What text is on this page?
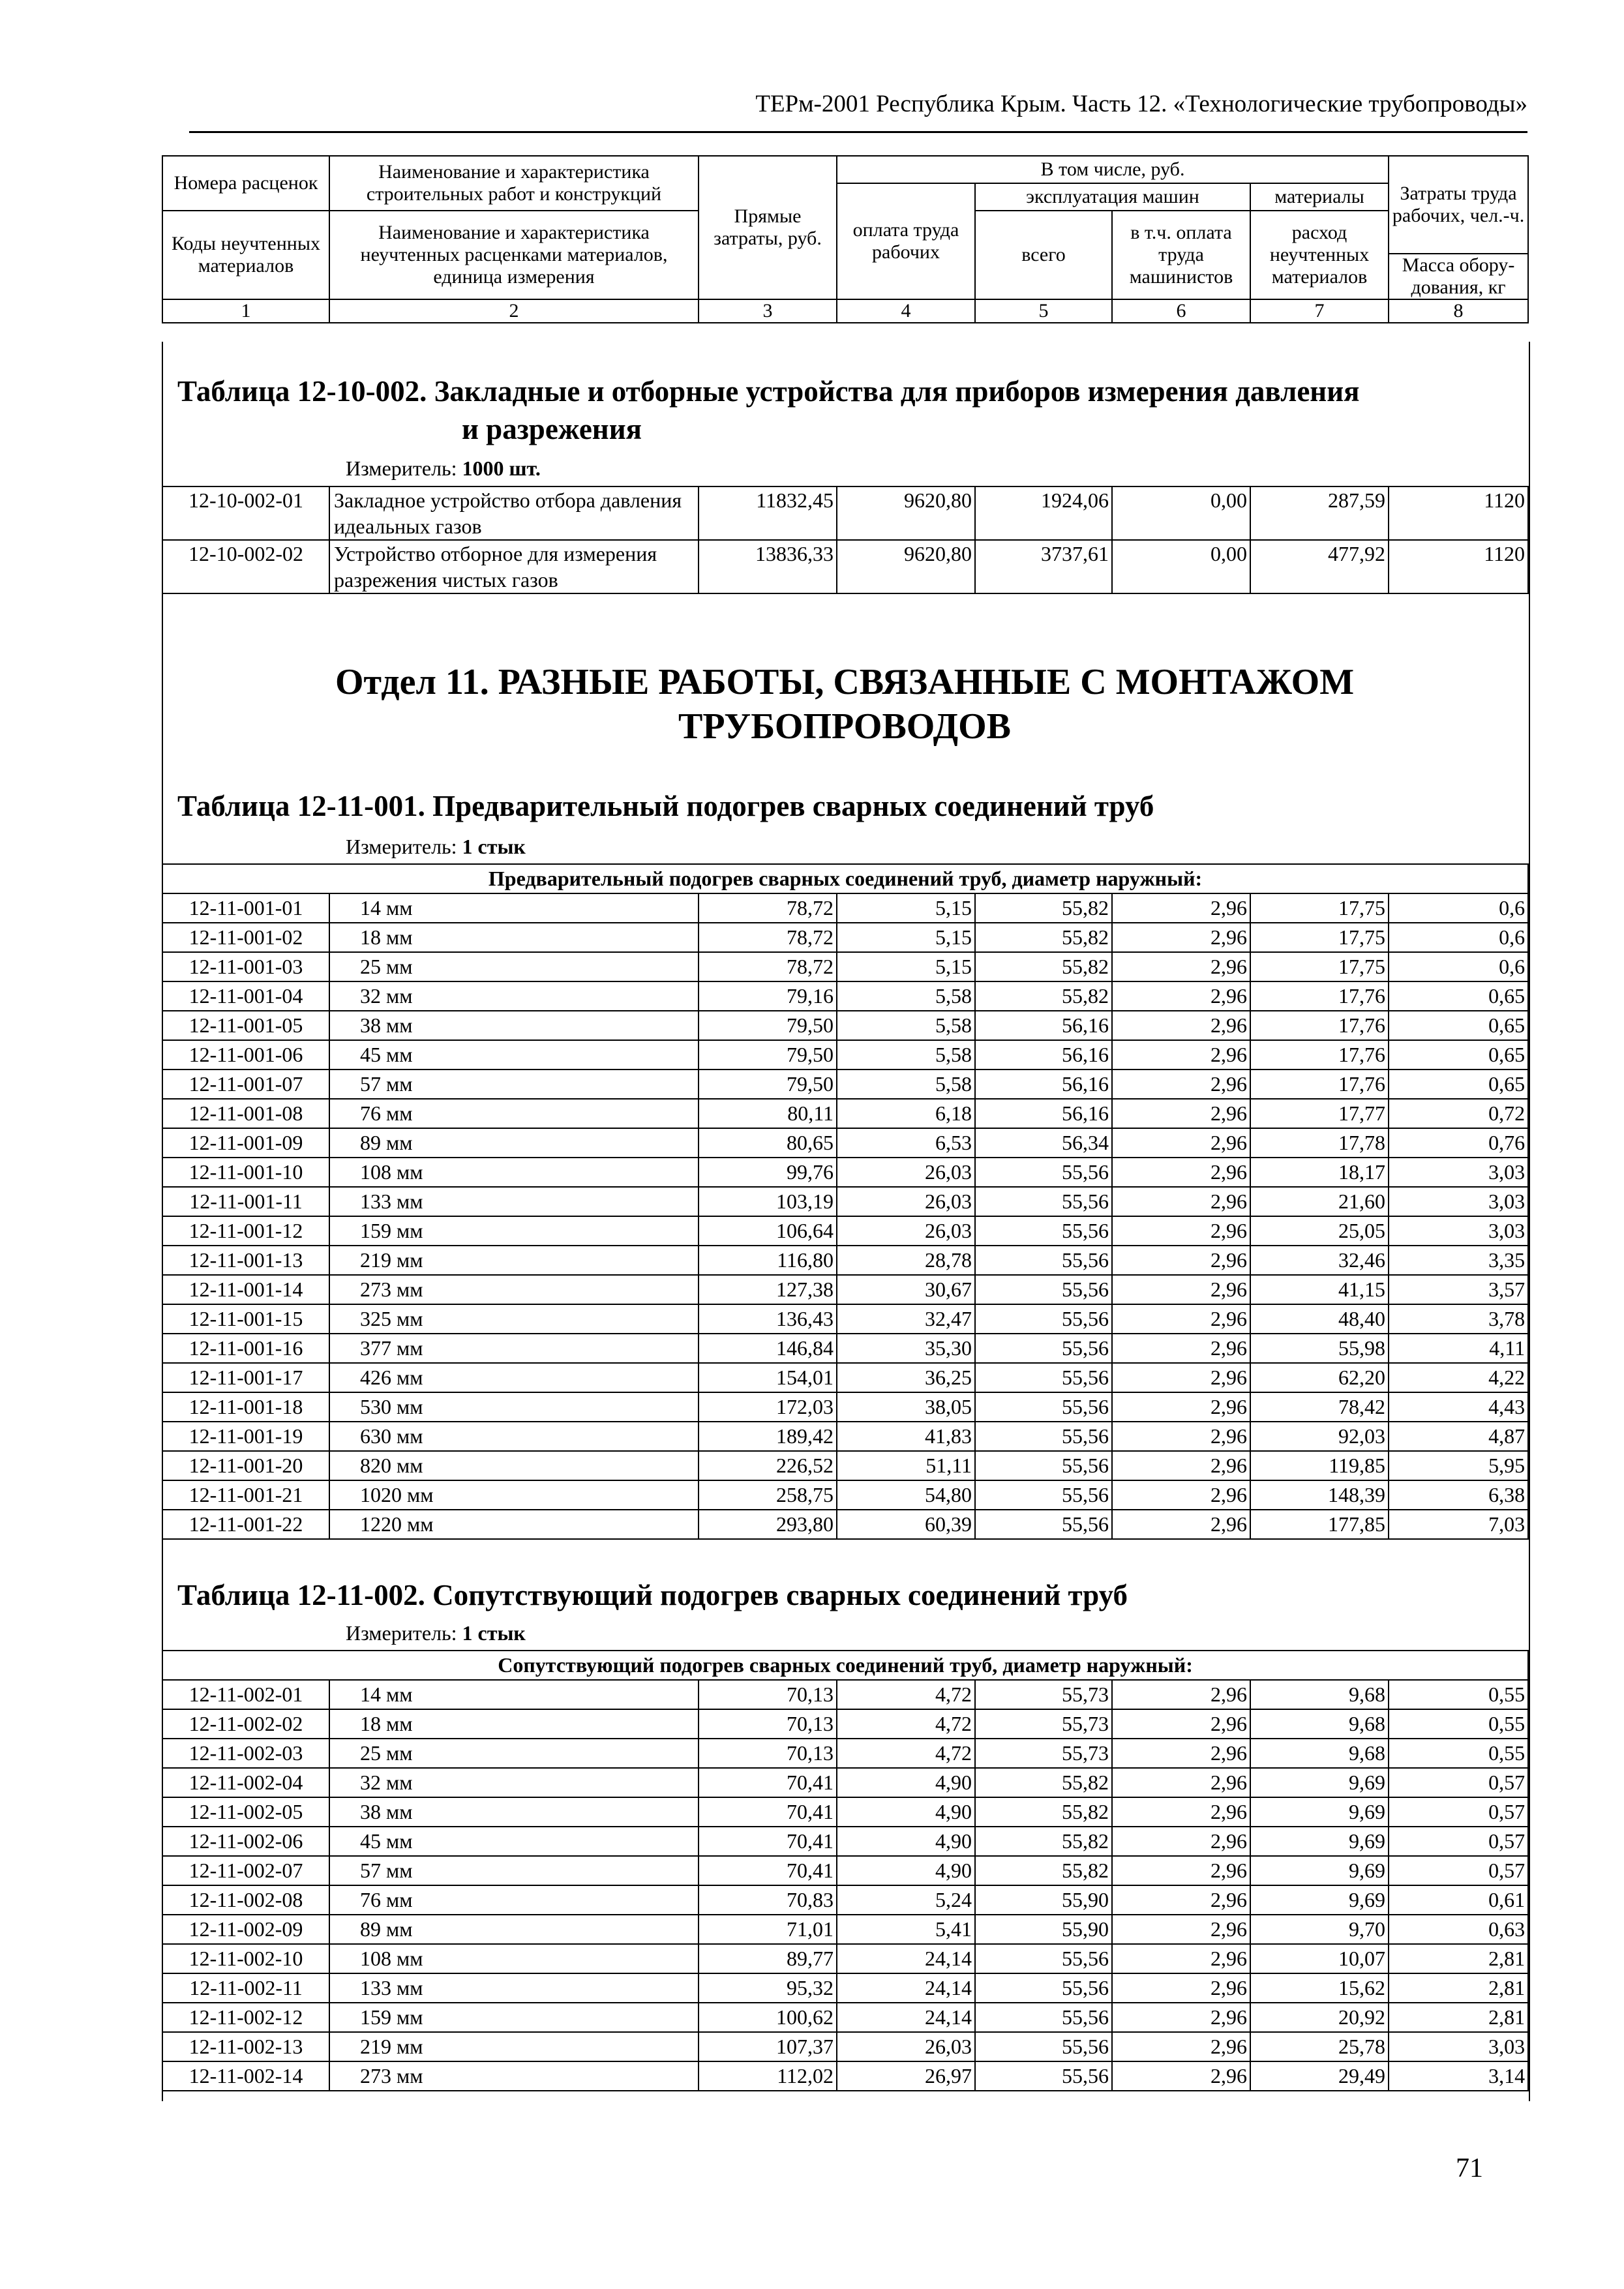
ТЕРм-2001 Республика Крым. Часть 12. «Технологические трубопроводы»
Номера расценок	Наименование и характеристика строительных работ и конструкций	Прямые затраты, руб.	В том числе, руб.				Затраты труда рабочих, чел.-ч.
			оплата труда рабочих	эксплуатация машин		материалы	
Коды неучтенных материалов	Наименование и характеристика неучтенных расценками материалов, единица измерения			всего	в т.ч. оплата труда машинистов	расход неучтенных материалов	
							Масса обору-дования, кг
1	2	3	4	5	6	7	8
Таблица 12-10-002. Закладные и отборные устройства для приборов измерения давления
и разрежения
Измеритель: 1000 шт.
12-10-002-01	Закладное устройство отбора давления идеальных газов	11832,45	9620,80	1924,06	0,00	287,59	1120
12-10-002-02	Устройство отборное для измерения разрежения чистых газов	13836,33	9620,80	3737,61	0,00	477,92	1120
Отдел 11. РАЗНЫЕ РАБОТЫ, СВЯЗАННЫЕ С МОНТАЖОМ
ТРУБОПРОВОДОВ
Таблица 12-11-001. Предварительный подогрев сварных соединений труб
Измеритель: 1 стык
Предварительный подогрев сварных соединений труб, диаметр наружный:							
12-11-001-01	14 мм	78,72	5,15	55,82	2,96	17,75	0,6
12-11-001-02	18 мм	78,72	5,15	55,82	2,96	17,75	0,6
12-11-001-03	25 мм	78,72	5,15	55,82	2,96	17,75	0,6
12-11-001-04	32 мм	79,16	5,58	55,82	2,96	17,76	0,65
12-11-001-05	38 мм	79,50	5,58	56,16	2,96	17,76	0,65
12-11-001-06	45 мм	79,50	5,58	56,16	2,96	17,76	0,65
12-11-001-07	57 мм	79,50	5,58	56,16	2,96	17,76	0,65
12-11-001-08	76 мм	80,11	6,18	56,16	2,96	17,77	0,72
12-11-001-09	89 мм	80,65	6,53	56,34	2,96	17,78	0,76
12-11-001-10	108 мм	99,76	26,03	55,56	2,96	18,17	3,03
12-11-001-11	133 мм	103,19	26,03	55,56	2,96	21,60	3,03
12-11-001-12	159 мм	106,64	26,03	55,56	2,96	25,05	3,03
12-11-001-13	219 мм	116,80	28,78	55,56	2,96	32,46	3,35
12-11-001-14	273 мм	127,38	30,67	55,56	2,96	41,15	3,57
12-11-001-15	325 мм	136,43	32,47	55,56	2,96	48,40	3,78
12-11-001-16	377 мм	146,84	35,30	55,56	2,96	55,98	4,11
12-11-001-17	426 мм	154,01	36,25	55,56	2,96	62,20	4,22
12-11-001-18	530 мм	172,03	38,05	55,56	2,96	78,42	4,43
12-11-001-19	630 мм	189,42	41,83	55,56	2,96	92,03	4,87
12-11-001-20	820 мм	226,52	51,11	55,56	2,96	119,85	5,95
12-11-001-21	1020 мм	258,75	54,80	55,56	2,96	148,39	6,38
12-11-001-22	1220 мм	293,80	60,39	55,56	2,96	177,85	7,03
Таблица 12-11-002. Сопутствующий подогрев сварных соединений труб
Измеритель: 1 стык
Сопутствующий подогрев сварных соединений труб, диаметр наружный:							
12-11-002-01	14 мм	70,13	4,72	55,73	2,96	9,68	0,55
12-11-002-02	18 мм	70,13	4,72	55,73	2,96	9,68	0,55
12-11-002-03	25 мм	70,13	4,72	55,73	2,96	9,68	0,55
12-11-002-04	32 мм	70,41	4,90	55,82	2,96	9,69	0,57
12-11-002-05	38 мм	70,41	4,90	55,82	2,96	9,69	0,57
12-11-002-06	45 мм	70,41	4,90	55,82	2,96	9,69	0,57
12-11-002-07	57 мм	70,41	4,90	55,82	2,96	9,69	0,57
12-11-002-08	76 мм	70,83	5,24	55,90	2,96	9,69	0,61
12-11-002-09	89 мм	71,01	5,41	55,90	2,96	9,70	0,63
12-11-002-10	108 мм	89,77	24,14	55,56	2,96	10,07	2,81
12-11-002-11	133 мм	95,32	24,14	55,56	2,96	15,62	2,81
12-11-002-12	159 мм	100,62	24,14	55,56	2,96	20,92	2,81
12-11-002-13	219 мм	107,37	26,03	55,56	2,96	25,78	3,03
12-11-002-14	273 мм	112,02	26,97	55,56	2,96	29,49	3,14
71
